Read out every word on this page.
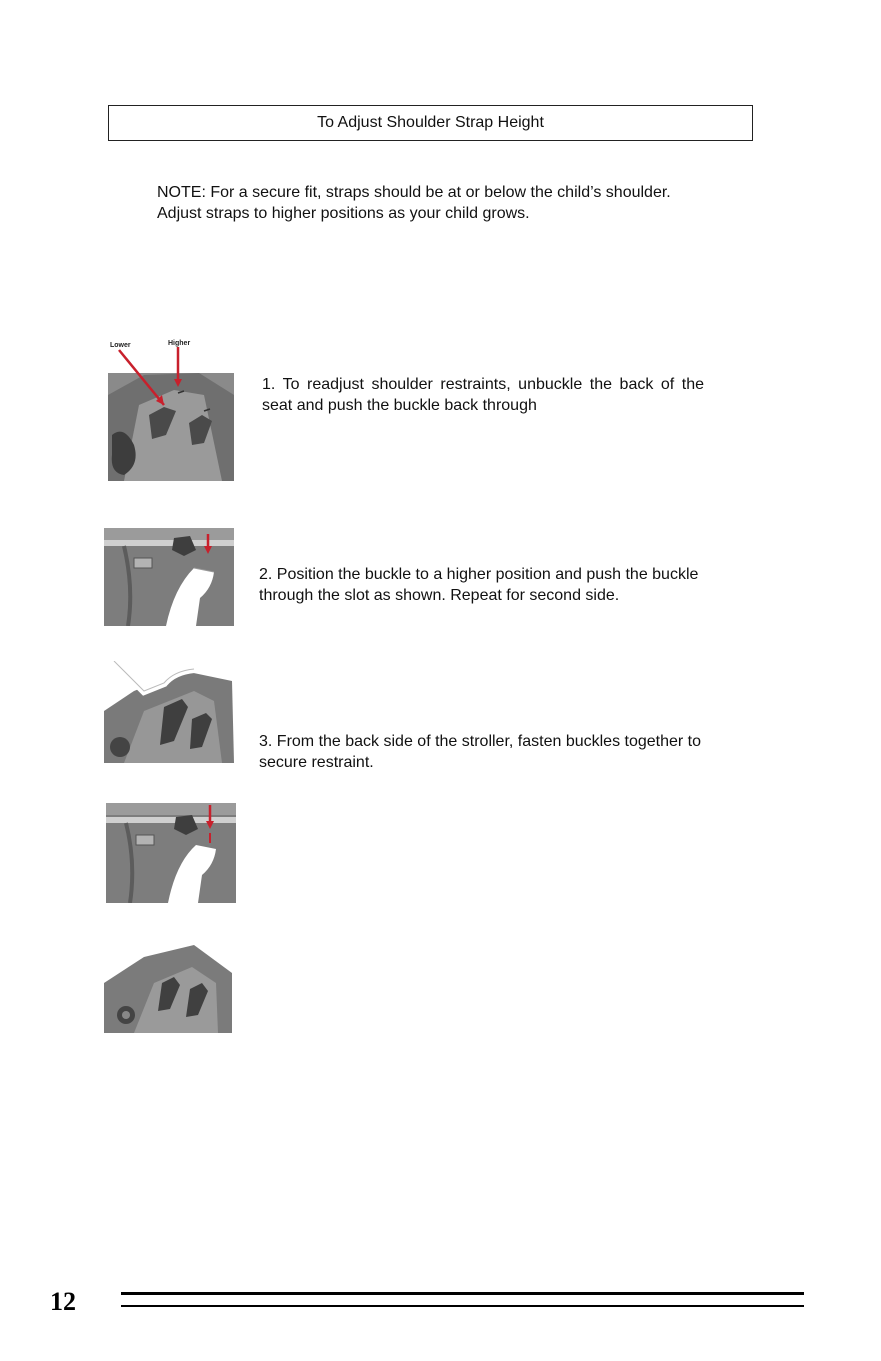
To Adjust Shoulder Strap Height

NOTE: For a secure fit, straps should be at or below the child’s shoulder.

Adjust straps to higher positions as your child grows.

Lower	Higher
1. To readjust shoulder restraints, unbuckle the back of the seat and push the buckle back through
2. Position the buckle to a higher position and push the buckle through the slot as shown. Repeat for second side.
3. From the back side of the stroller, fasten buckles together to secure restraint.
12
